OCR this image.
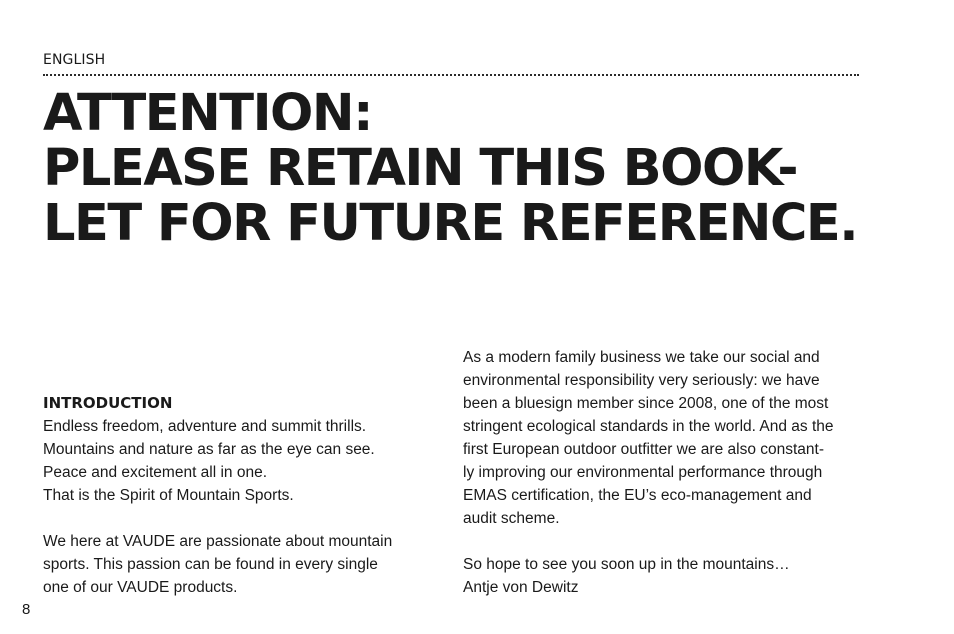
ENGLISH
ATTENTION:
PLEASE RETAIN THIS BOOK-
LET FOR FUTURE REFERENCE.

INTRODUCTION

Endless freedom, adventure and summit thrills.

Mountains and nature as far as the eye can see.

Peace and excitement all in one.

That is the Spirit of Mountain Sports.

We here at VAUDE are passionate about mountain

sports. This passion can be found in every single

one of our VAUDE products.

As a modern family business we take our social and

environmental responsibility very seriously: we have

been a bluesign member since 2008, one of the most

stringent ecological standards in the world. And as the

first European outdoor outfitter we are also constant-

ly improving our environmental performance through

EMAS certification, the EU’s eco-management and

audit scheme.

So hope to see you soon up in the mountains…

Antje von Dewitz

8
